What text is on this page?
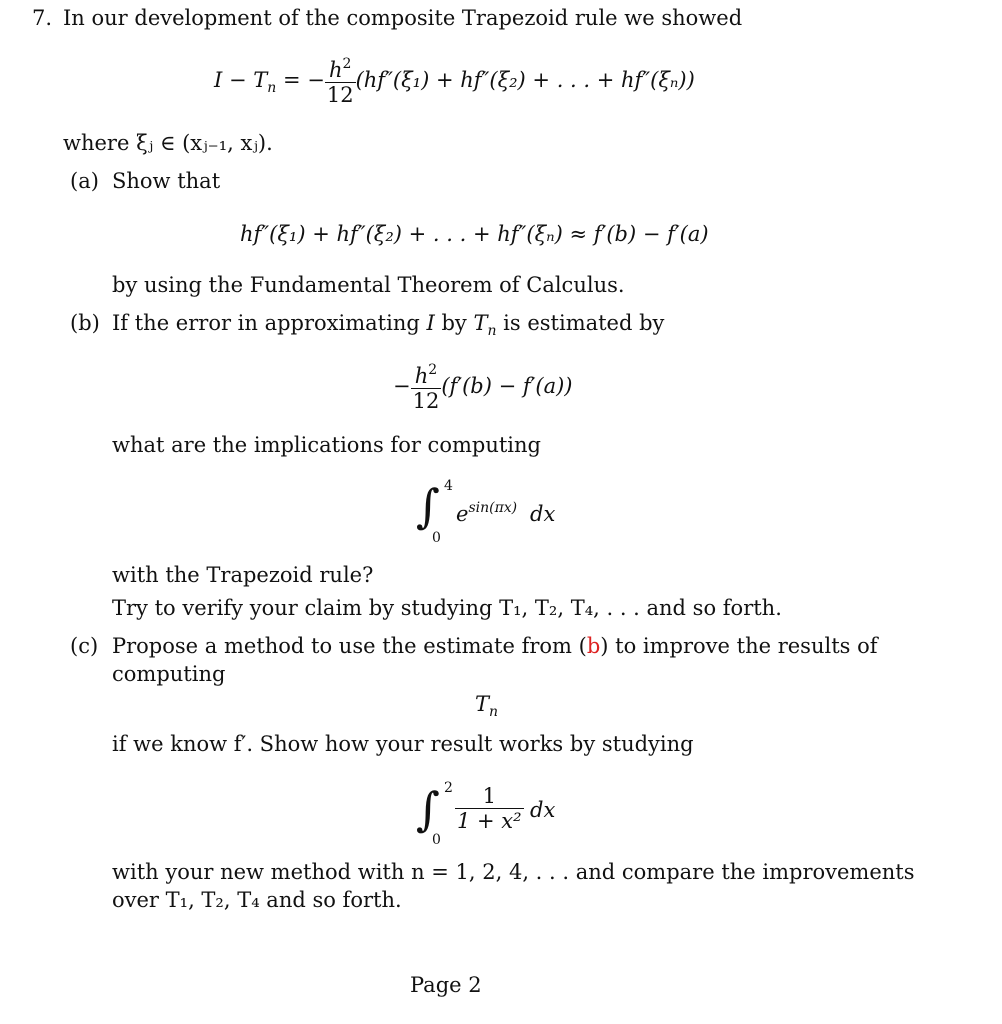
7. In our development of the composite Trapezoid rule we showed
$I - T_n$ = − $\frac{h^2}{12} (hf''(\xi_1) + hf''(\xi_2)$ + . . . + hf″(ξₙ))
where ξⱼ ∈ (xⱼ₋₁, xⱼ).
(a) Show that
hf″(ξ₁) + hf″(ξ₂) + . . . + hf″(ξₙ) ≈ f′(b) − f′(a)
by using the Fundamental Theorem of Calculus.
(b) If the error in approximating I by $T_n$ is estimated by
− $\frac{h^2}{12} (f'(b) - f'(a))$
what are the implications for computing
∫ 4
0
$e^{sin(\pi x)}$ dx
with the Trapezoid rule?
Try to verify your claim by studying T₁, T₂, T₄, . . . and so forth.
(c) Propose a method to use the estimate from (b) to improve the results of
computing
$T_n$
if we know f′. Show how your result works by studying
∫ 2
0
$\frac{1}{\text{1 + x²}}$ dx
with your new method with n = 1, 2, 4, . . . and compare the improvements
over T₁, T₂, T₄ and so forth.
Page 2
